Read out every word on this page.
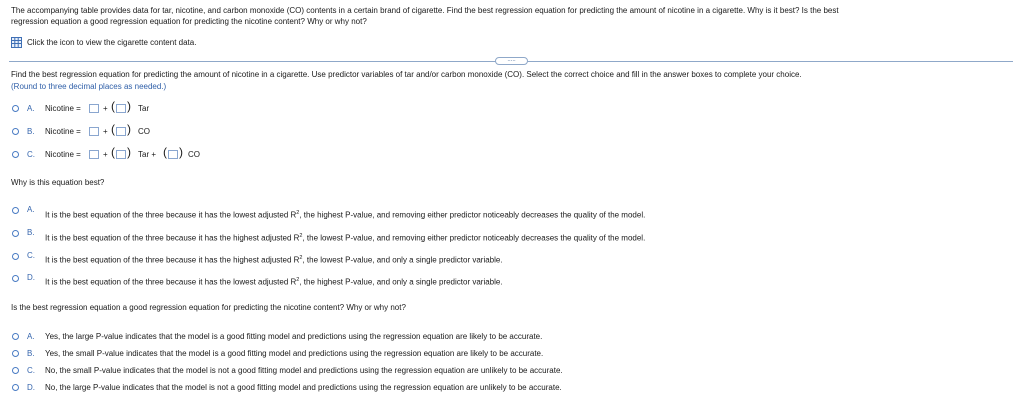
The accompanying table provides data for tar, nicotine, and carbon monoxide (CO) contents in a certain brand of cigarette. Find the best regression equation for predicting the amount of nicotine in a cigarette. Why is it best? Is the best
regression equation a good regression equation for predicting the nicotine content? Why or why not?
Click the icon to view the cigarette content data.
.....
Find the best regression equation for predicting the amount of nicotine in a cigarette. Use predictor variables of tar and/or carbon monoxide (CO). Select the correct choice and fill in the answer boxes to complete your choice.
(Round to three decimal places as needed.)
A. Nicotine =	+ ( ) Tar
B. Nicotine =	+ ( ) CO
C. Nicotine =	+ ( ) Tar + ( ) CO
Why is this equation best?
A.
It is the best equation of the three because it has the lowest adjusted $R^2$, the highest P-value, and removing either predictor noticeably decreases the quality of the model.
B.
It is the best equation of the three because it has the highest adjusted $R^2$, the lowest P-value, and removing either predictor noticeably decreases the quality of the model.
C.
It is the best equation of the three because it has the highest adjusted $R^2$, the lowest P-value, and only a single predictor variable.
D.
It is the best equation of the three because it has the lowest adjusted $R^2$, the highest P-value, and only a single predictor variable.
Is the best regression equation a good regression equation for predicting the nicotine content? Why or why not?
A. Yes, the large P-value indicates that the model is a good fitting model and predictions using the regression equation are likely to be accurate.
B. Yes, the small P-value indicates that the model is a good fitting model and predictions using the regression equation are likely to be accurate.
C. No, the small P-value indicates that the model is not a good fitting model and predictions using the regression equation are unlikely to be accurate.
D. No, the large P-value indicates that the model is not a good fitting model and predictions using the regression equation are unlikely to be accurate.
